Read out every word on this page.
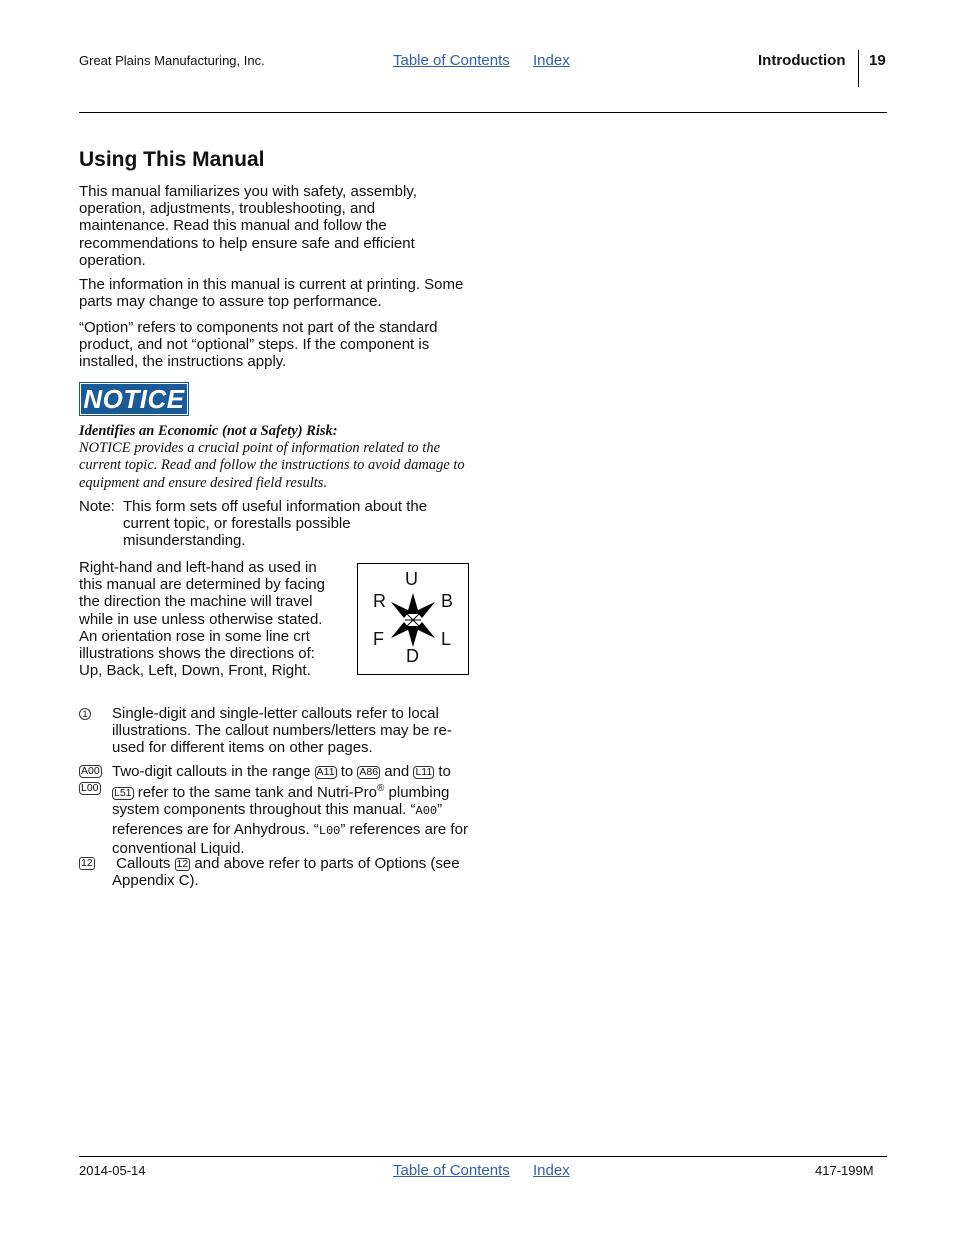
Great Plains Manufacturing, Inc.	Table of Contents Index	Introduction 19
Using This Manual
This manual familiarizes you with safety, assembly, operation, adjustments, troubleshooting, and maintenance. Read this manual and follow the recommendations to help ensure safe and efficient operation.
The information in this manual is current at printing. Some parts may change to assure top performance.
“Option” refers to components not part of the standard product, and not “optional” steps. If the component is installed, the instructions apply.
NOTICE
Identifies an Economic (not a Safety) Risk:
NOTICE provides a crucial point of information related to the current topic. Read and follow the instructions to avoid damage to equipment and ensure desired field results.
Note: This form sets off useful information about the current topic, or forestalls possible misunderstanding.
Right-hand and left-hand as used in this manual are determined by facing the direction the machine will travel while in use unless otherwise stated. An orientation rose in some line crt illustrations shows the directions of: Up, Back, Left, Down, Front, Right.
U
R	B
F	L
D
1 Single-digit and single-letter callouts refer to local illustrations. The callout numbers/letters may be re-used for different items on other pages.
A00
L00
Two-digit callouts in the range A11 to A86 and L11 to L51 refer to the same tank and Nutri-Pro® plumbing system components throughout this manual. “A00” references are for Anhydrous. “L00” references are for conventional Liquid.
12 Callouts 12 and above refer to parts of Options (see Appendix C).
2014-05-14	Table of Contents Index	417-199M
